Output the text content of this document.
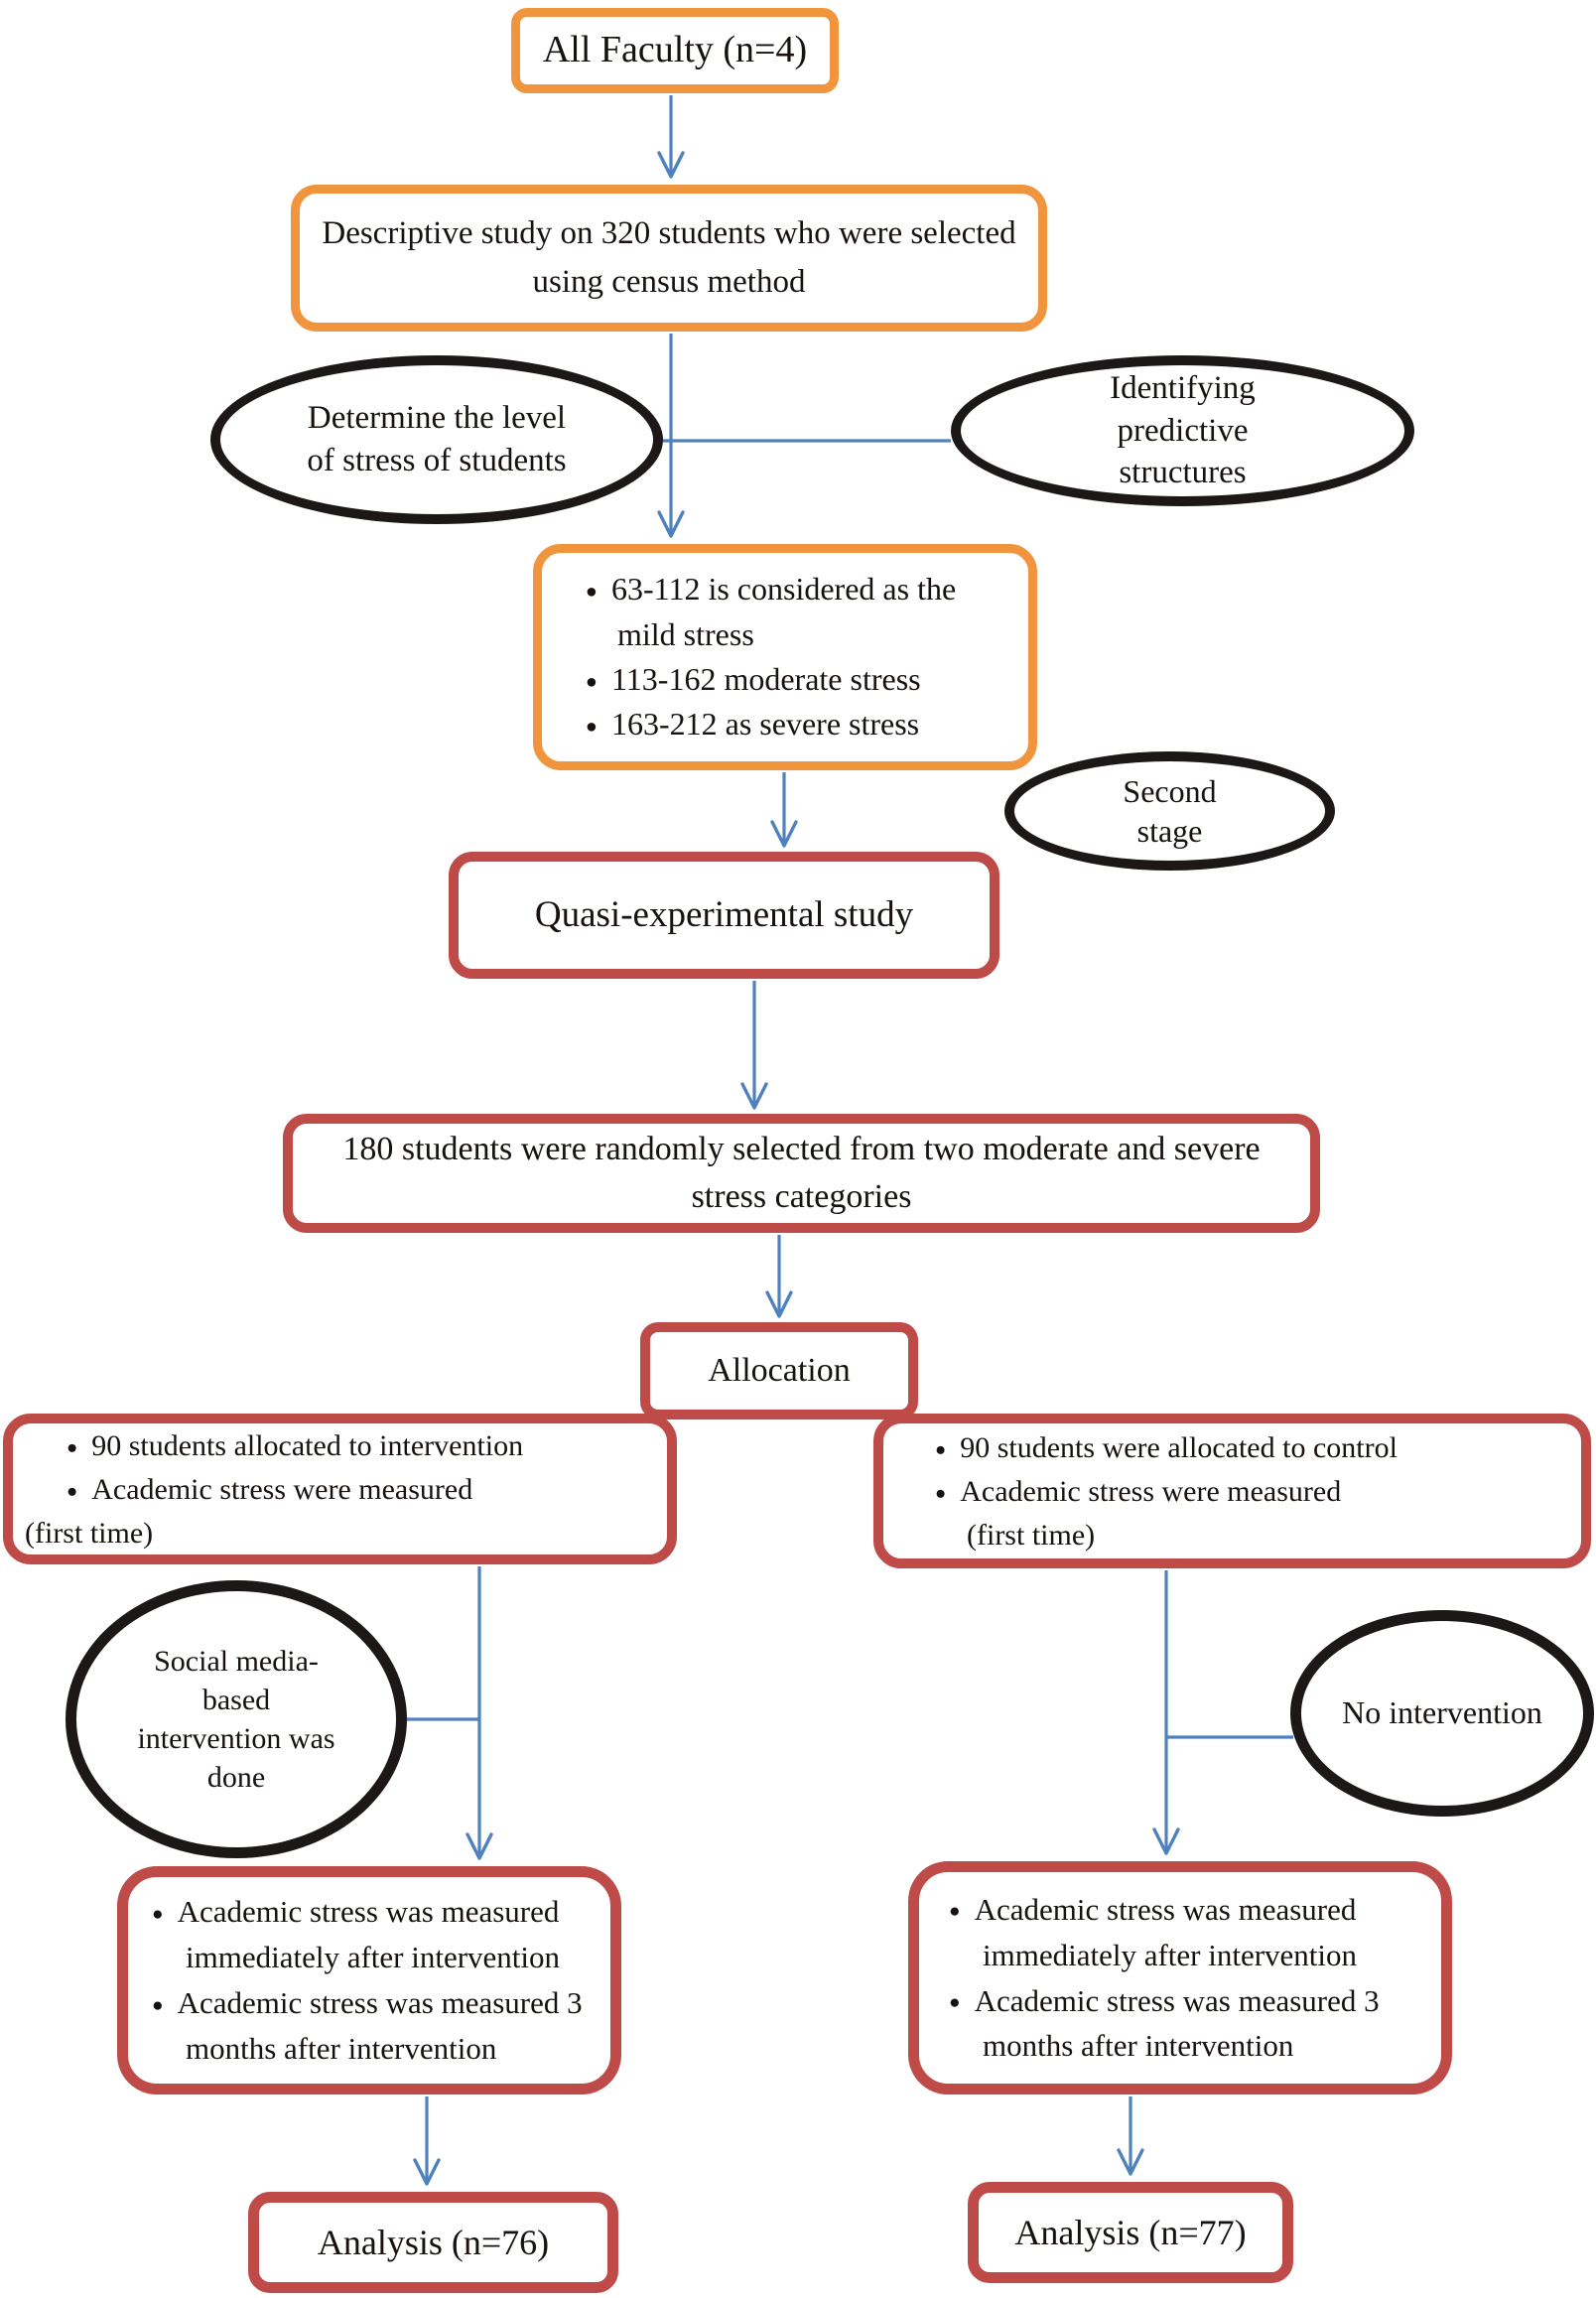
All Faculty (n=4)
Descriptive study on 320 students who were selected using census method
Determine the level of stress of students
Identifying predictive structures
● 63-112 is considered as the mild stress
● 113-162 moderate stress
● 163-212 as severe stress
Second stage
Quasi-experimental study
180 students were randomly selected from two moderate and severe stress categories
Allocation
● 90 students allocated to intervention
● Academic stress were measured
(first time)
● 90 students were allocated to control
● Academic stress were measured
(first time)
Social media-based intervention was done
No intervention
● Academic stress was measured immediately after intervention
● Academic stress was measured 3 months after intervention
● Academic stress was measured immediately after intervention
● Academic stress was measured 3 months after intervention
Analysis (n=76)	Analysis (n=77)
